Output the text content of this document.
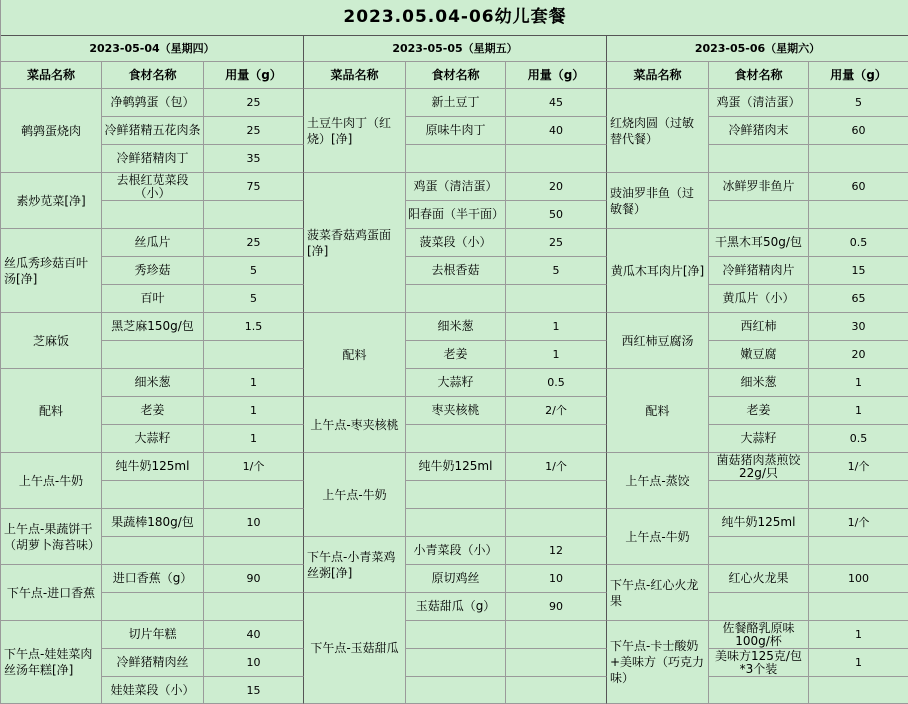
2023.05.04-06幼儿套餐
2023-05-04（星期四）
菜品名称	食材名称	用量（g）
鹌鹑蛋烧肉
净鹌鹑蛋（包）	25
冷鲜猪精五花肉条	25
冷鲜猪精肉丁	35
素炒苋菜[净]
去根红苋菜段（小）	75
丝瓜秀珍菇百叶汤[净]
丝瓜片	25
秀珍菇	5
百叶	5
芝麻饭
黑芝麻150g/包	1.5
配料
细米葱	1
老姜	1
大蒜籽	1
上午点-牛奶
纯牛奶125ml	1/个
上午点-果蔬饼干（胡萝卜海苔味）
果蔬棒180g/包	10
下午点-进口香蕉
进口香蕉（g）	90
下午点-娃娃菜肉丝汤年糕[净]
切片年糕	40
冷鲜猪精肉丝	10
娃娃菜段（小）	15
2023-05-05（星期五）
菜品名称	食材名称	用量（g）
土豆牛肉丁（红烧）[净]
新土豆丁	45
原味牛肉丁	40
菠菜香菇鸡蛋面[净]
鸡蛋（清洁蛋）	20
阳春面（半干面）	50
菠菜段（小）	25
去根香菇	5
配料
细米葱	1
老姜	1
大蒜籽	0.5
上午点-枣夹核桃
枣夹核桃	2/个
上午点-牛奶
纯牛奶125ml	1/个
下午点-小青菜鸡丝粥[净]
小青菜段（小）	12
原切鸡丝	10
下午点-玉菇甜瓜
玉菇甜瓜（g）	90
2023-05-06（星期六）
菜品名称	食材名称	用量（g）
红烧肉圆（过敏替代餐）
鸡蛋（清洁蛋）	5
冷鲜猪肉末	60
豉油罗非鱼（过敏餐）
冰鲜罗非鱼片	60
黄瓜木耳肉片[净]
干黑木耳50g/包	0.5
冷鲜猪精肉片	15
黄瓜片（小）	65
西红柿豆腐汤
西红柿	30
嫩豆腐	20
配料
细米葱	1
老姜	1
大蒜籽	0.5
上午点-蒸饺
菌菇猪肉蒸煎饺22g/只	1/个
上午点-牛奶
纯牛奶125ml	1/个
下午点-红心火龙果
红心火龙果	100
下午点-卡士酸奶+美味方（巧克力味）
佐餐酪乳原味100g/杯	1
美味方125克/包*3个装	1
